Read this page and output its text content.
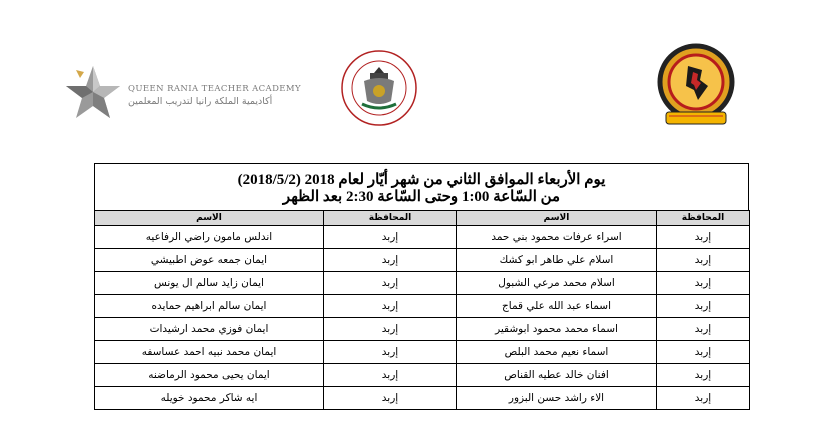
QUEEN RANIA TEACHER ACADEMY
أكاديمية الملكة رانيا لتدريب المعلمين
يوم الأربعاء الموافق الثاني من شهر أيّار لعام 2018 (2018/5/2)
من السّاعة 1:00 وحتى السّاعة 2:30 بعد الظهر
المحافظة	الاسم	المحافظة	الاسم
إربد	اسراء عرفات محمود بني حمد	إربد	اندلس مامون راضي الرفاعيه
إربد	اسلام علي طاهر ابو كشك	إربد	ايمان جمعه عوض اطبيشي
إربد	اسلام محمد مرعي الشبول	إربد	ايمان زايد سالم ال يونس
إربد	اسماء عبد الله علي قماج	إربد	ايمان سالم ابراهيم حمايده
إربد	اسماء محمد محمود ابوشقير	إربد	ايمان فوزي محمد ارشيدات
إربد	اسماء نعيم محمد البلص	إربد	ايمان محمد نبيه احمد عساسفه
إربد	افنان خالد عطيه القناص	إربد	ايمان يحيى محمود الرماضنه
إربد	الاء راشد حسن البزور	إربد	ايه شاكر محمود خويله
